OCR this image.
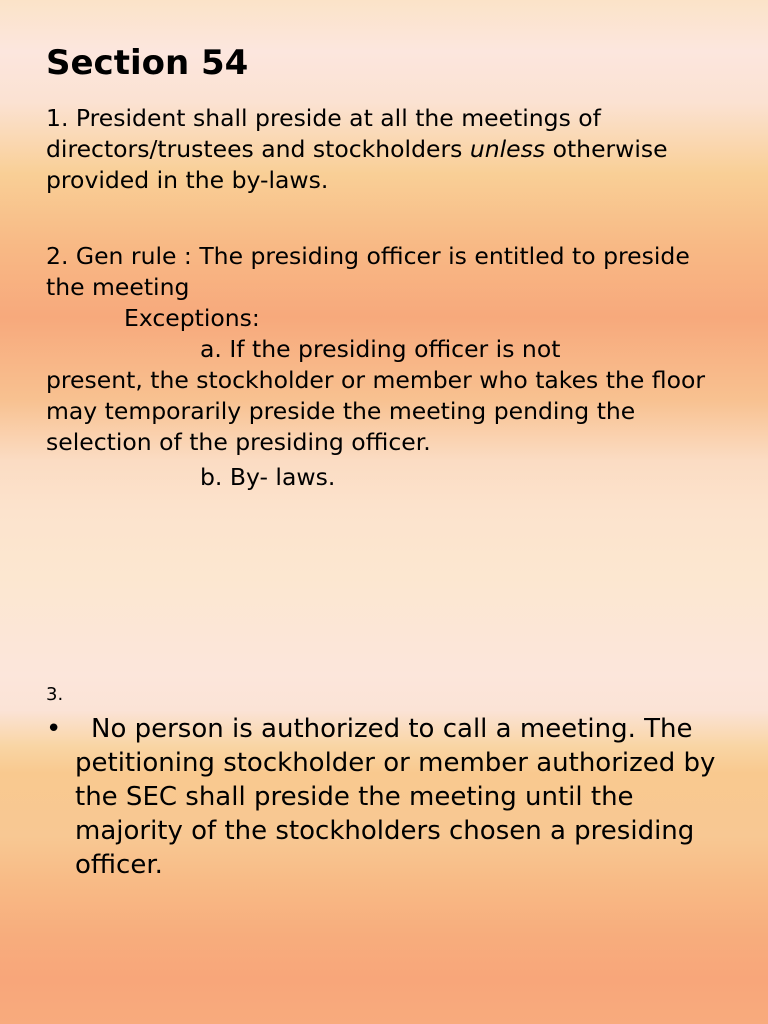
Section 54

1. President shall preside at all the meetings of directors/trustees and stockholders unless otherwise provided in the by-laws.

2. Gen rule : The presiding officer is entitled to preside the meeting
Exceptions:
a. If the presiding officer is not
present, the stockholder or member who takes the floor may temporarily preside the meeting pending the selection of the presiding officer.
b. By- laws.
3.
•	No person is authorized to call a meeting. The petitioning stockholder or member authorized by the SEC shall preside the meeting until the majority of the stockholders chosen a presiding officer.
